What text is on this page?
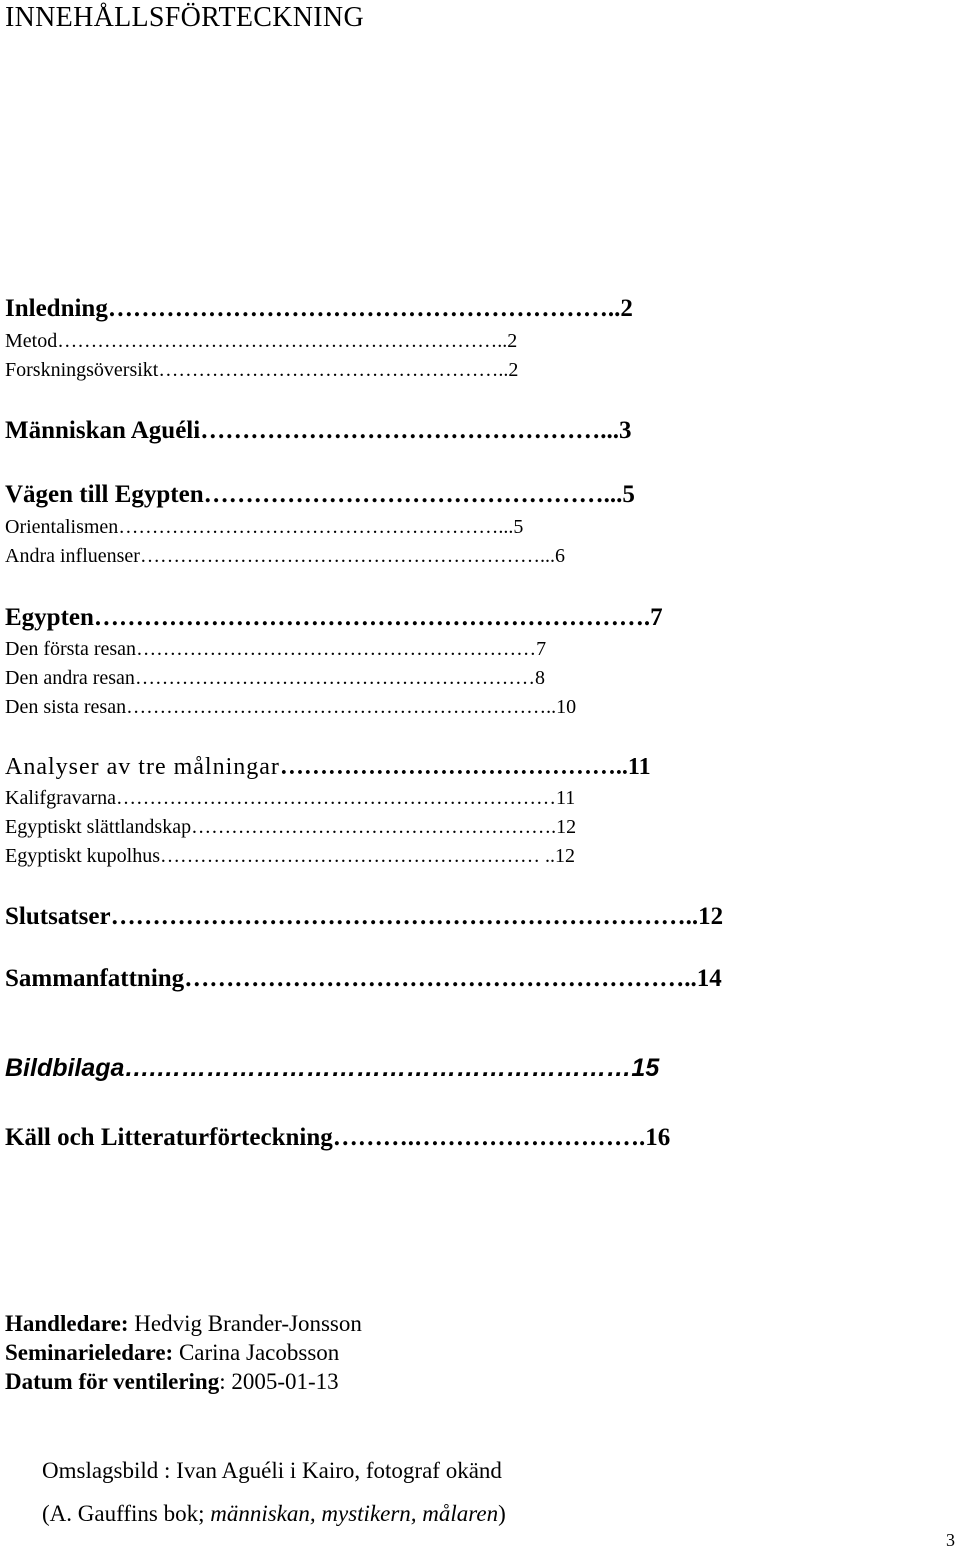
INNEHÅLLSFÖRTECKNING
Inledning …………………………………………………….. 2
Metod ………………………………………………………….. 2
Forskningsöversikt …………………………………………….. 2
Människan Aguéli …………………………………………... 3
Vägen till Egypten …………………………………………... 5
Orientalismen …………………………………………………... 5
Andra influenser ……………………………………………………... 6
Egypten …………………………………………………………. 7
Den första resan …………………………………………………… 7
Den andra resan …………………………………………………… 8
Den sista resan ……………………………………………………….. 10
Analyser av tre målningar …………………………………….. 11
Kalifgravarna ………………………………………………………… 11
Egyptiskt slättlandskap ………………………………………………. 12
Egyptiskt kupolhus ………………………………………………… .. 12
Slutsatser …………………………………………………………….. 12
Sammanfattning …………………………………………………….. 14
Bildbilaga ….………………………………………………… 15
Käll och Litteraturförteckning ……….………………………. 16
Handledare: Hedvig Brander-Jonsson
Seminarieledare: Carina Jacobsson
Datum för ventilering: 2005-01-13
Omslagsbild : Ivan Aguéli i Kairo, fotograf okänd
(A. Gauffins bok; människan, mystikern, målaren)
3
